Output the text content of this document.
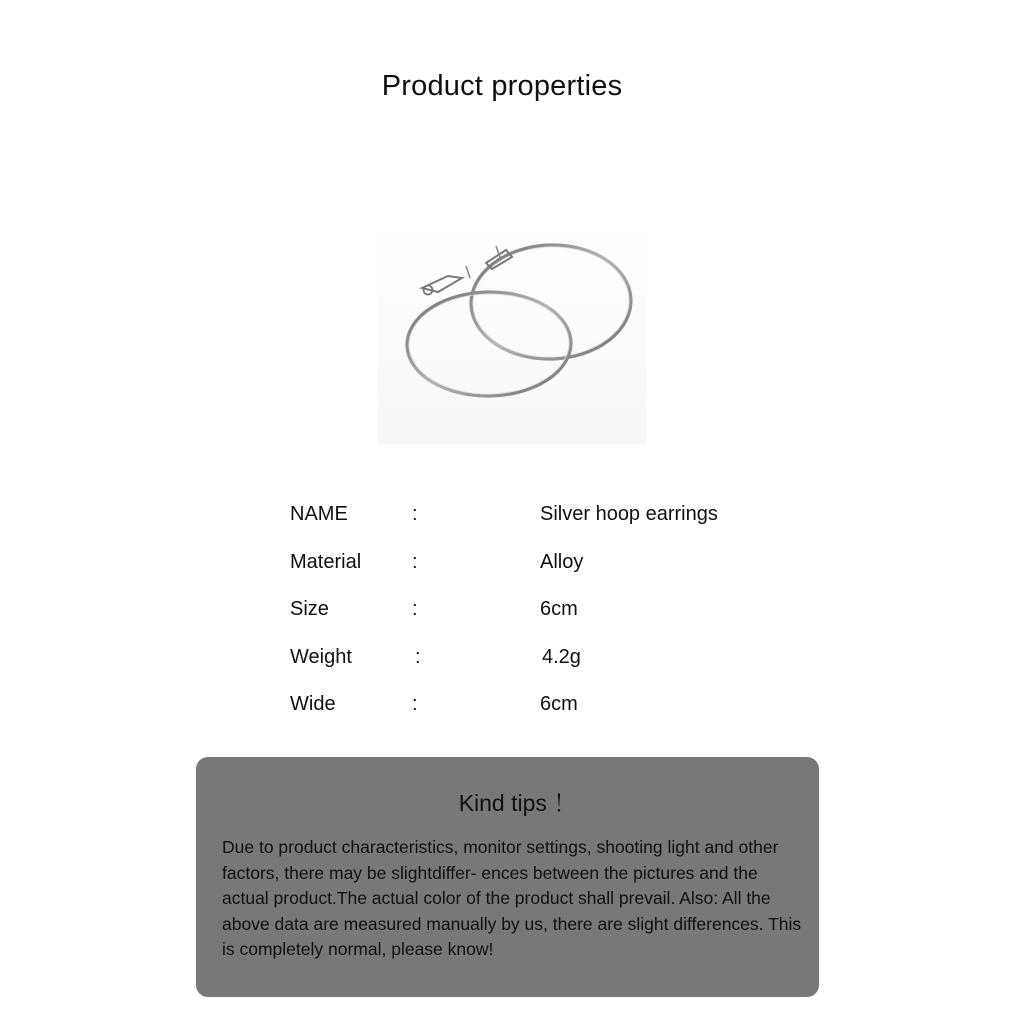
Product properties
NAME	:	Silver hoop earrings
Material	:	Alloy
Size	:	6cm
Weight	:	4.2g
Wide	:	6cm
Kind tips ！
Due to product characteristics, monitor settings, shooting light and other factors, there may be slightdiffer- ences between the pictures and the actual product.The actual color of the product shall prevail. Also: All the above data are measured manually by us, there are slight differences. This is completely normal, please know!
